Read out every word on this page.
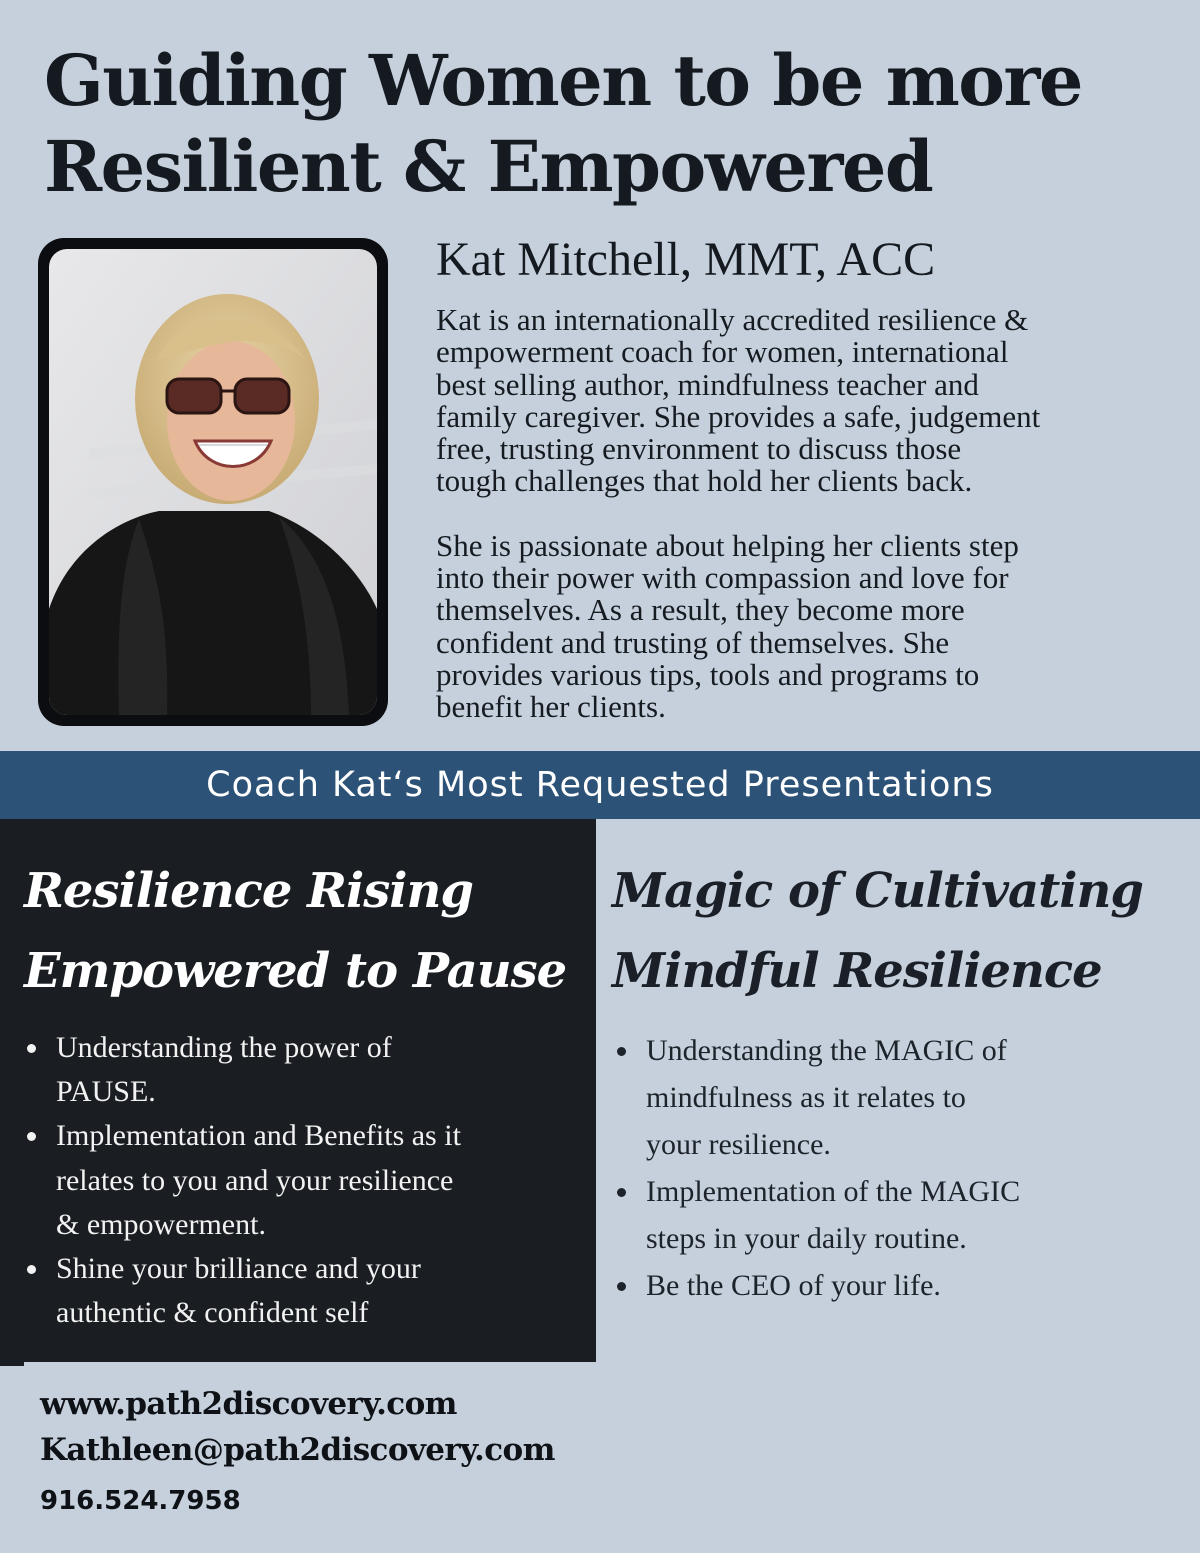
Guiding Women to be more
Resilient & Empowered
Kat Mitchell, MMT, ACC
Kat is an internationally accredited resilience &
empowerment coach for women, international
best selling author, mindfulness teacher and
family caregiver. She provides a safe, judgement
free, trusting environment to discuss those
tough challenges that hold her clients back.
She is passionate about helping her clients step
into their power with compassion and love for
themselves. As a result, they become more
confident and trusting of themselves. She
provides various tips, tools and programs to
benefit her clients.
Coach Kat‘s Most Requested Presentations
Resilience Rising
Empowered to Pause
Understanding the power of
PAUSE.
Implementation and Benefits as it
relates to you and your resilience
& empowerment.
Shine your brilliance and your
authentic & confident self
Magic of Cultivating
Mindful Resilience
Understanding the MAGIC of
mindfulness as it relates to
your resilience.
Implementation of the MAGIC
steps in your daily routine.
Be the CEO of your life.

www.path2discovery.com

Kathleen@path2discovery.com

916.524.7958
